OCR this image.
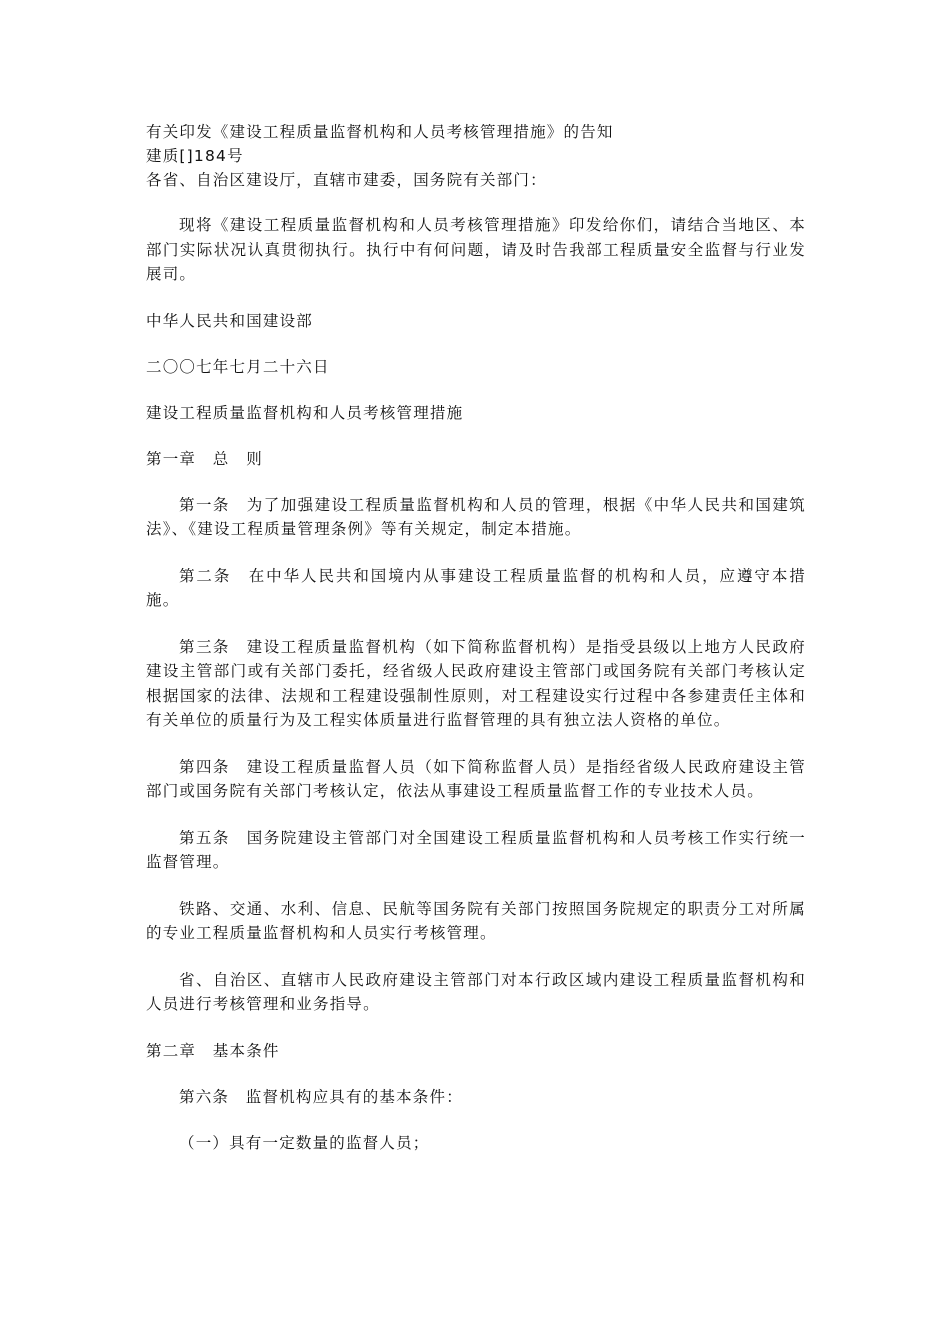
有关印发《建设工程质量监督机构和人员考核管理措施》的告知
建质[]184号
各省、自治区建设厅，直辖市建委，国务院有关部门：

现将《建设工程质量监督机构和人员考核管理措施》印发给你们，请结合当地区、本部门实际状况认真贯彻执行。执行中有何问题，请及时告我部工程质量安全监督与行业发展司。

中华人民共和国建设部
二〇〇七年七月二十六日
建设工程质量监督机构和人员考核管理措施
第一章　总　则

第一条　为了加强建设工程质量监督机构和人员的管理，根据《中华人民共和国建筑法》、《建设工程质量管理条例》等有关规定，制定本措施。

第二条　在中华人民共和国境内从事建设工程质量监督的机构和人员，应遵守本措施。

第三条　建设工程质量监督机构（如下简称监督机构）是指受县级以上地方人民政府建设主管部门或有关部门委托，经省级人民政府建设主管部门或国务院有关部门考核认定根据国家的法律、法规和工程建设强制性原则，对工程建设实行过程中各参建责任主体和有关单位的质量行为及工程实体质量进行监督管理的具有独立法人资格的单位。

第四条　建设工程质量监督人员（如下简称监督人员）是指经省级人民政府建设主管部门或国务院有关部门考核认定，依法从事建设工程质量监督工作的专业技术人员。

第五条　国务院建设主管部门对全国建设工程质量监督机构和人员考核工作实行统一监督管理。

铁路、交通、水利、信息、民航等国务院有关部门按照国务院规定的职责分工对所属的专业工程质量监督机构和人员实行考核管理。

省、自治区、直辖市人民政府建设主管部门对本行政区域内建设工程质量监督机构和人员进行考核管理和业务指导。

第二章　基本条件
第六条　监督机构应具有的基本条件：
（一）具有一定数量的监督人员；
